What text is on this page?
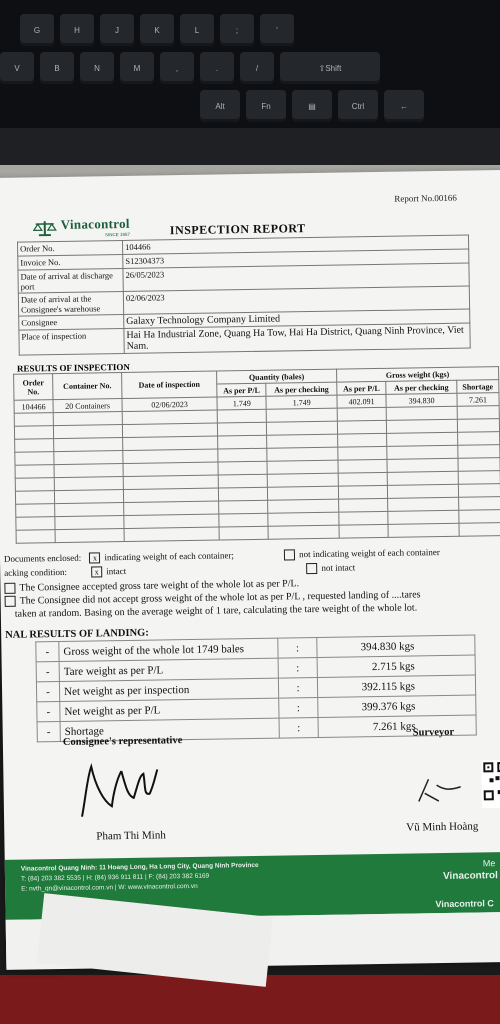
G	H	J	K	L	;	'
V	B	N	M	,	.	/	⇧Shift
Alt	Fn	▤	Ctrl	←
Report No.00166
Vinacontrol
SINCE 1957	INSPECTION REPORT
Order No.	104466
Invoice No.	S12304373
Date of arrival at discharge port	26/05/2023
Date of arrival at the Consignee's warehouse	02/06/2023
Consignee	Galaxy Technology Company Limited
Place of inspection	Hai Ha Industrial Zone, Quang Ha Tow, Hai Ha District, Quang Ninh Province, Viet Nam.
RESULTS OF INSPECTION
Order No.	Container No.	Date of inspection	Quantity (bales)		Gross weight (kgs)		
			As per P/L	As per checking	As per P/L	As per checking	Shortage
104466	20 Containers	02/06/2023	1.749	1.749	402.091	394.830	7.261

Documents enclosed: x indicating weight of each container;	not indicating weight of each container
acking condition:	x intact	not intact
The Consignee accepted gross tare weight of the whole lot as per P/L.
The Consignee did not accept gross weight of the whole lot as per P/L , requested landing of ....tares
taken at random. Basing on the average weight of 1 tare, calculating the tare weight of the whole lot.
NAL RESULTS OF LANDING:
-	Gross weight of the whole lot 1749 bales	:	394.830 kgs
-	Tare weight as per P/L	:	2.715 kgs
-	Net weight as per inspection	:	392.115 kgs
-	Net weight as per P/L	:	399.376 kgs
-	Shortage	:	7.261 kgs
Consignee's representative
Surveyor
Pham Thi Minh
Vũ Minh Hoàng
Vinacontrol Quang Ninh: 11 Hoang Long, Ha Long City, Quang Ninh Province
T: (84) 203 382 5535 | H: (84) 936 911 811 | F: (84) 203 382 6169
E: nvth_qn@vinacontrol.com.vn | W: www.vinacontrol.com.vn
Me
Vinacontrol
Vinacontrol C
